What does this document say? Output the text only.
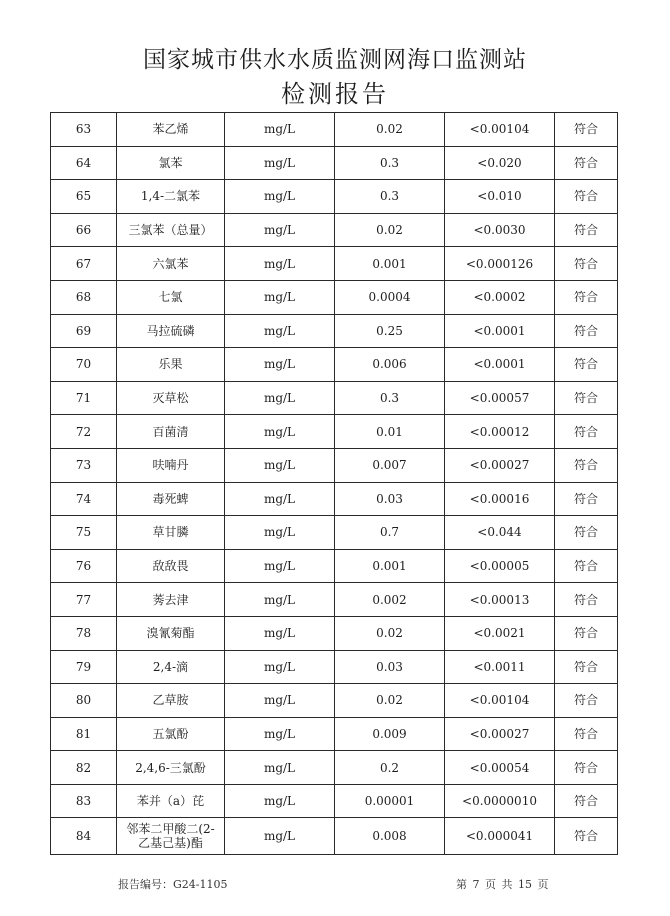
国家城市供水水质监测网海口监测站
检测报告
63	苯乙烯	mg/L	0.02	<0.00104	符合
64	氯苯	mg/L	0.3	<0.020	符合
65	1,4-二氯苯	mg/L	0.3	<0.010	符合
66	三氯苯（总量）	mg/L	0.02	<0.0030	符合
67	六氯苯	mg/L	0.001	<0.000126	符合
68	七氯	mg/L	0.0004	<0.0002	符合
69	马拉硫磷	mg/L	0.25	<0.0001	符合
70	乐果	mg/L	0.006	<0.0001	符合
71	灭草松	mg/L	0.3	<0.00057	符合
72	百菌清	mg/L	0.01	<0.00012	符合
73	呋喃丹	mg/L	0.007	<0.00027	符合
74	毒死蜱	mg/L	0.03	<0.00016	符合
75	草甘膦	mg/L	0.7	<0.044	符合
76	敌敌畏	mg/L	0.001	<0.00005	符合
77	莠去津	mg/L	0.002	<0.00013	符合
78	溴氰菊酯	mg/L	0.02	<0.0021	符合
79	2,4-滴	mg/L	0.03	<0.0011	符合
80	乙草胺	mg/L	0.02	<0.00104	符合
81	五氯酚	mg/L	0.009	<0.00027	符合
82	2,4,6-三氯酚	mg/L	0.2	<0.00054	符合
83	苯并（a）芘	mg/L	0.00001	<0.0000010	符合
84	邻苯二甲酸二(2-
乙基己基)酯	mg/L	0.008	<0.000041	符合
报告编号：G24-1105	第 7 页 共 15 页
